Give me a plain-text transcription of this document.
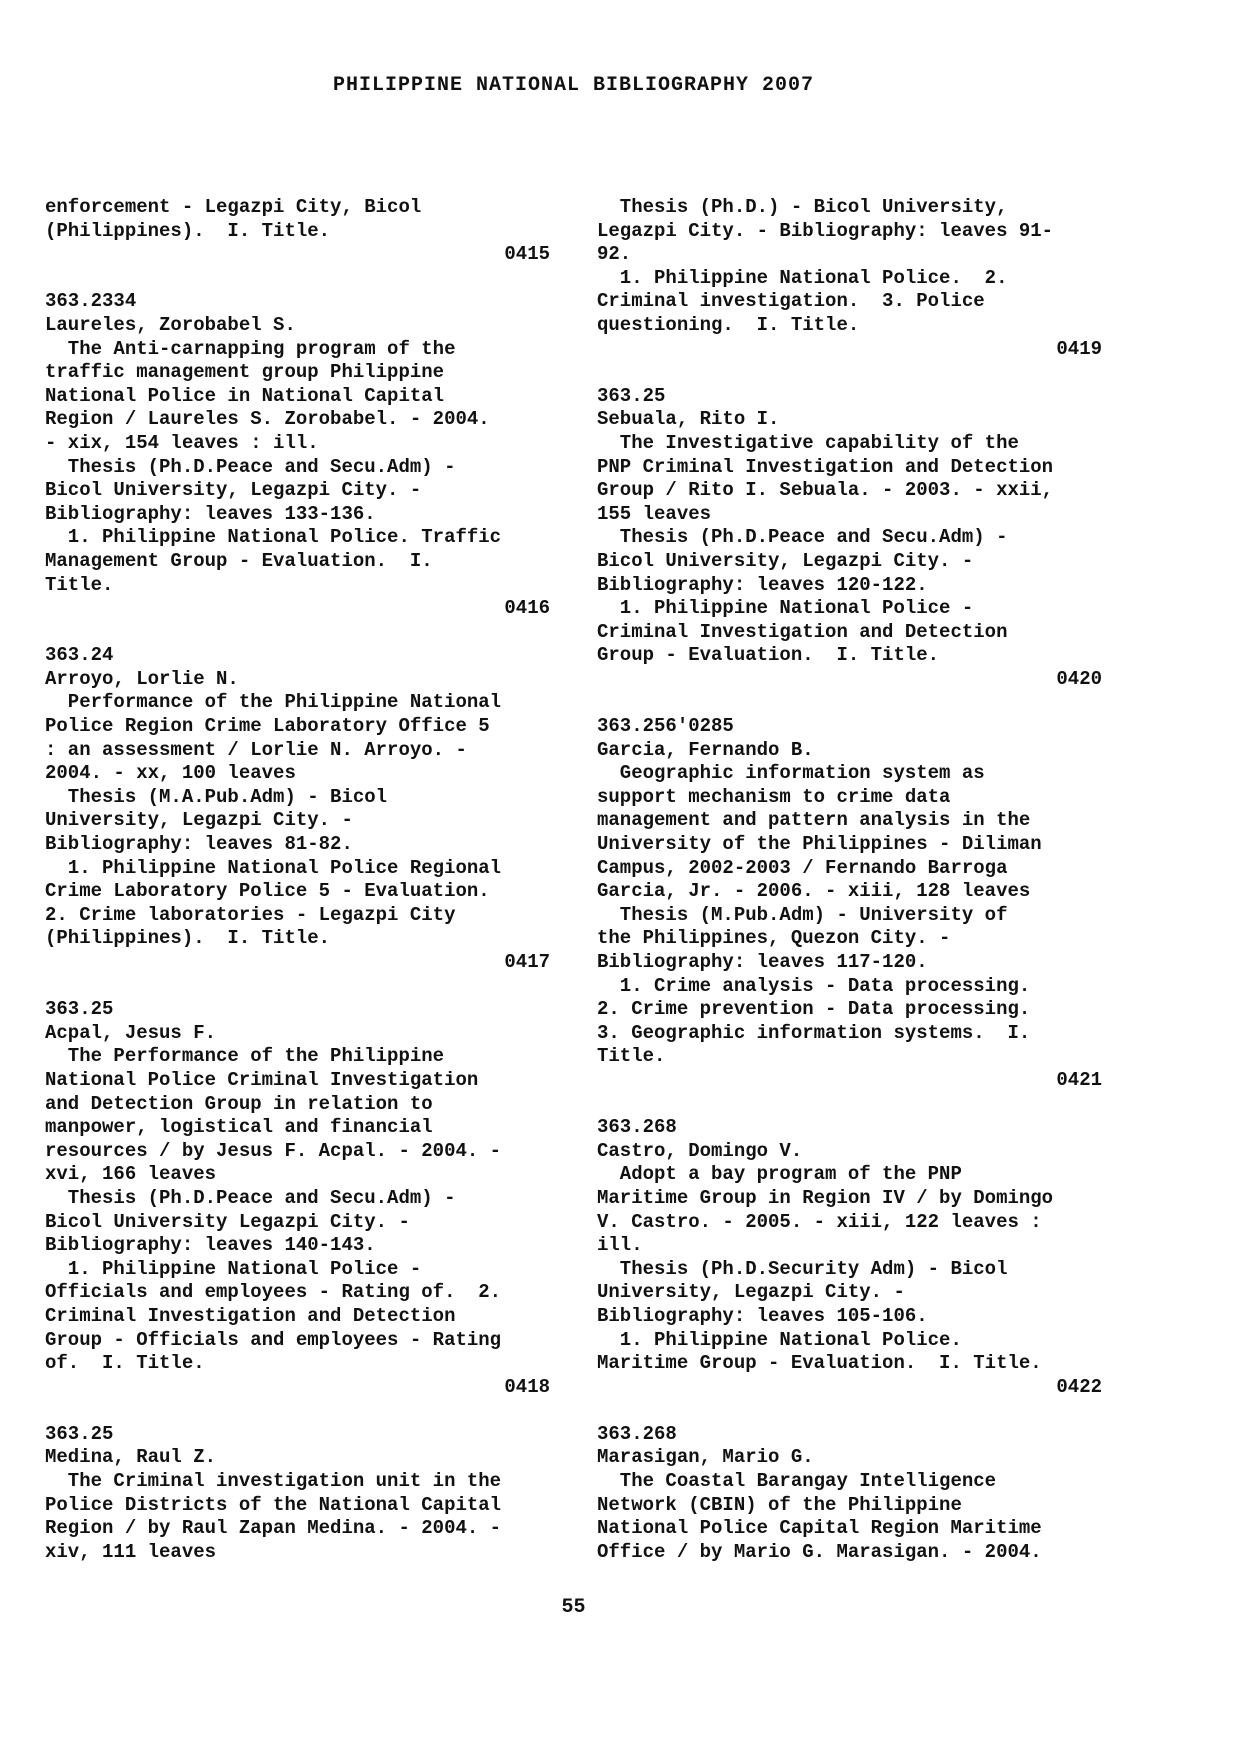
PHILIPPINE NATIONAL BIBLIOGRAPHY 2007
enforcement - Legazpi City, Bicol
(Philippines).  I. Title.
0415
363.2334
Laureles, Zorobabel S.
The Anti-carnapping program of the
traffic management group Philippine
National Police in National Capital
Region / Laureles S. Zorobabel. - 2004.
- xix, 154 leaves : ill.
Thesis (Ph.D.Peace and Secu.Adm) -
Bicol University, Legazpi City. -
Bibliography: leaves 133-136.
1. Philippine National Police. Traffic
Management Group - Evaluation.  I.
Title.
0416
363.24
Arroyo, Lorlie N.
Performance of the Philippine National
Police Region Crime Laboratory Office 5
: an assessment / Lorlie N. Arroyo. -
2004. - xx, 100 leaves
Thesis (M.A.Pub.Adm) - Bicol
University, Legazpi City. -
Bibliography: leaves 81-82.
1. Philippine National Police Regional
Crime Laboratory Police 5 - Evaluation.
2. Crime laboratories - Legazpi City
(Philippines).  I. Title.
0417
363.25
Acpal, Jesus F.
The Performance of the Philippine
National Police Criminal Investigation
and Detection Group in relation to
manpower, logistical and financial
resources / by Jesus F. Acpal. - 2004. -
xvi, 166 leaves
Thesis (Ph.D.Peace and Secu.Adm) -
Bicol University Legazpi City. -
Bibliography: leaves 140-143.
1. Philippine National Police -
Officials and employees - Rating of.  2.
Criminal Investigation and Detection
Group - Officials and employees - Rating
of.  I. Title.
0418
363.25
Medina, Raul Z.
The Criminal investigation unit in the
Police Districts of the National Capital
Region / by Raul Zapan Medina. - 2004. -
xiv, 111 leaves
Thesis (Ph.D.) - Bicol University,
Legazpi City. - Bibliography: leaves 91-
92.
1. Philippine National Police.  2.
Criminal investigation.  3. Police
questioning.  I. Title.
0419
363.25
Sebuala, Rito I.
The Investigative capability of the
PNP Criminal Investigation and Detection
Group / Rito I. Sebuala. - 2003. - xxii,
155 leaves
Thesis (Ph.D.Peace and Secu.Adm) -
Bicol University, Legazpi City. -
Bibliography: leaves 120-122.
1. Philippine National Police -
Criminal Investigation and Detection
Group - Evaluation.  I. Title.
0420
363.256'0285
Garcia, Fernando B.
Geographic information system as
support mechanism to crime data
management and pattern analysis in the
University of the Philippines - Diliman
Campus, 2002-2003 / Fernando Barroga
Garcia, Jr. - 2006. - xiii, 128 leaves
Thesis (M.Pub.Adm) - University of
the Philippines, Quezon City. -
Bibliography: leaves 117-120.
1. Crime analysis - Data processing.
2. Crime prevention - Data processing.
3. Geographic information systems.  I.
Title.
0421
363.268
Castro, Domingo V.
Adopt a bay program of the PNP
Maritime Group in Region IV / by Domingo
V. Castro. - 2005. - xiii, 122 leaves :
ill.
Thesis (Ph.D.Security Adm) - Bicol
University, Legazpi City. -
Bibliography: leaves 105-106.
1. Philippine National Police.
Maritime Group - Evaluation.  I. Title.
0422
363.268
Marasigan, Mario G.
The Coastal Barangay Intelligence
Network (CBIN) of the Philippine
National Police Capital Region Maritime
Office / by Mario G. Marasigan. - 2004.
55
